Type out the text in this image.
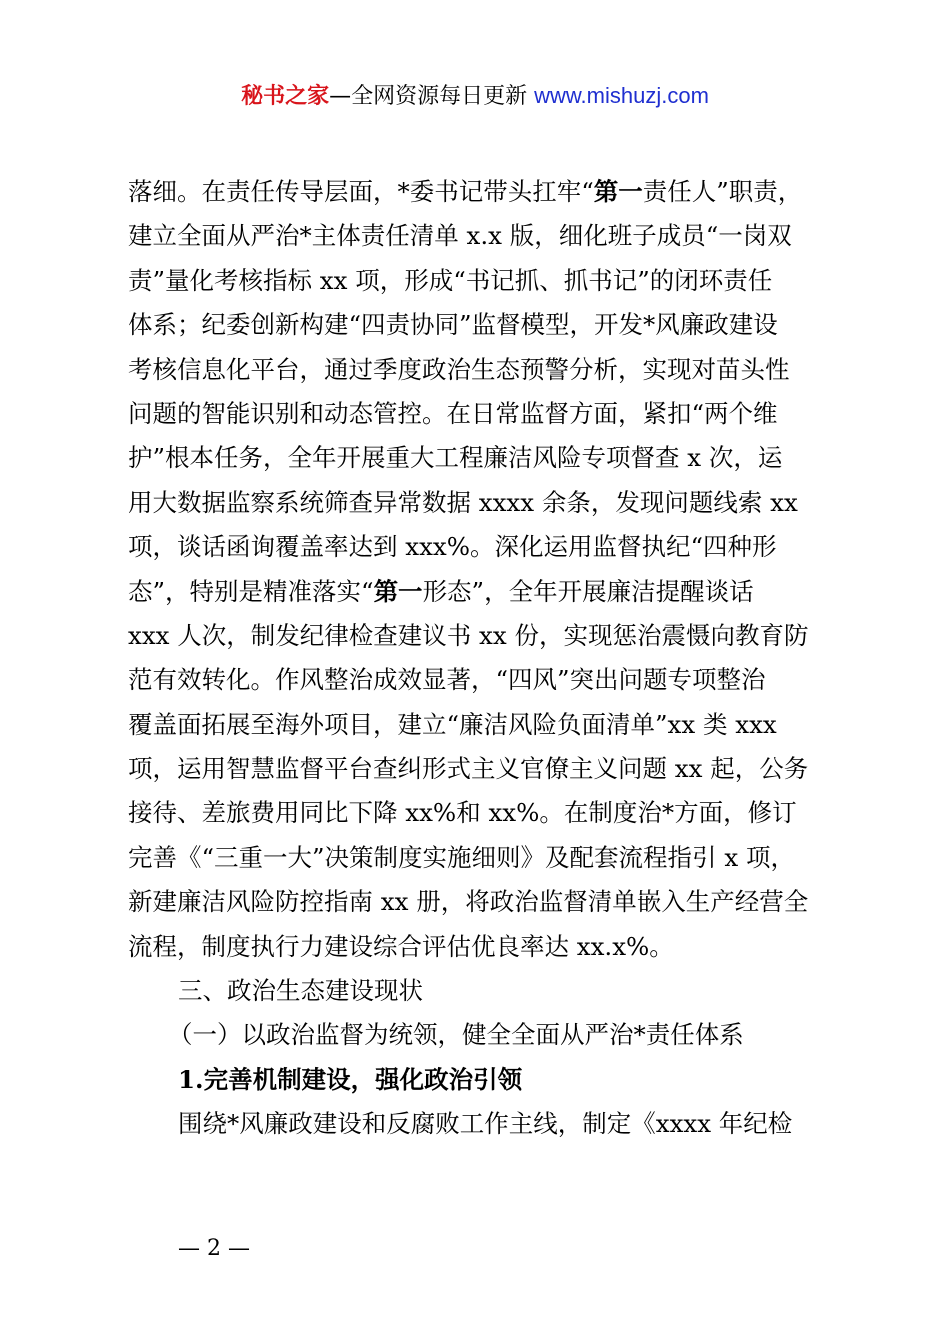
秘书之家—全网资源每日更新 www.mishuzj.com
落细。在责任传导层面，*委书记带头扛牢“第一责任人”职责，
建立全面从严治*主体责任清单 x.x 版，细化班子成员“一岗双
责”量化考核指标 xx 项，形成“书记抓、抓书记”的闭环责任
体系；纪委创新构建“四责协同”监督模型，开发*风廉政建设
考核信息化平台，通过季度政治生态预警分析，实现对苗头性
问题的智能识别和动态管控。在日常监督方面，紧扣“两个维
护”根本任务，全年开展重大工程廉洁风险专项督查 x 次，运
用大数据监察系统筛查异常数据 xxxx 余条，发现问题线索 xx
项，谈话函询覆盖率达到 xxx%。深化运用监督执纪“四种形
态”，特别是精准落实“第一形态”，全年开展廉洁提醒谈话
xxx 人次，制发纪律检查建议书 xx 份，实现惩治震慑向教育防
范有效转化。作风整治成效显著，“四风”突出问题专项整治
覆盖面拓展至海外项目，建立“廉洁风险负面清单”xx 类 xxx
项，运用智慧监督平台查纠形式主义官僚主义问题 xx 起，公务
接待、差旅费用同比下降 xx%和 xx%。在制度治*方面，修订
完善《“三重一大”决策制度实施细则》及配套流程指引 x 项，
新建廉洁风险防控指南 xx 册，将政治监督清单嵌入生产经营全
流程，制度执行力建设综合评估优良率达 xx.x%。
三、政治生态建设现状
（一）以政治监督为统领，健全全面从严治*责任体系
1.完善机制建设，强化政治引领
围绕*风廉政建设和反腐败工作主线，制定《xxxx 年纪检
— 2 —
